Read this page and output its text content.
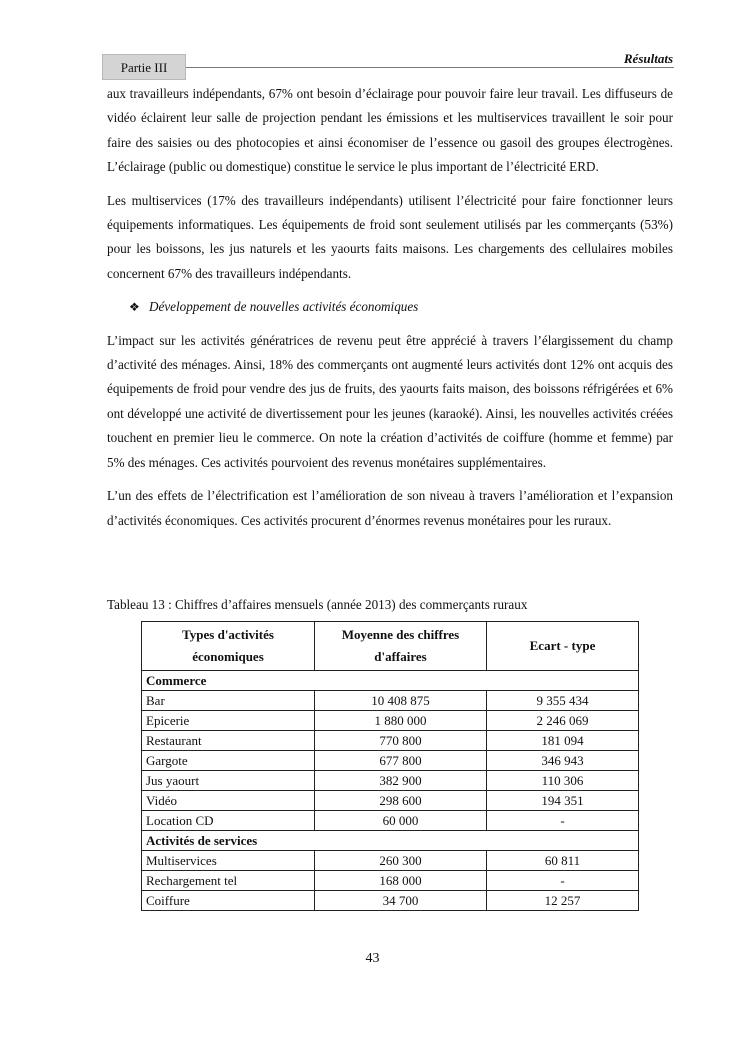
Partie III
Résultats

aux travailleurs indépendants, 67% ont besoin d’éclairage pour pouvoir faire leur travail. Les diffuseurs de vidéo éclairent leur salle de projection pendant les émissions et les multiservices travaillent le soir pour faire des saisies ou des photocopies et ainsi économiser de l’essence ou gasoil des groupes électrogènes. L’éclairage (public ou domestique) constitue le service le plus important de l’électricité ERD.

Les multiservices (17% des travailleurs indépendants) utilisent l’électricité pour faire fonctionner leurs équipements informatiques. Les équipements de froid sont seulement utilisés par les commerçants (53%) pour les boissons, les jus naturels et les yaourts faits maisons. Les chargements des cellulaires mobiles concernent 67% des travailleurs indépendants.

❖ Développement de nouvelles activités économiques

L’impact sur les activités génératrices de revenu peut être apprécié à travers l’élargissement du champ d’activité des ménages. Ainsi, 18% des commerçants ont augmenté leurs activités dont 12% ont acquis des équipements de froid pour vendre des jus de fruits, des yaourts faits maison, des boissons réfrigérées et 6% ont développé une activité de divertissement pour les jeunes (karaoké). Ainsi, les nouvelles activités créées touchent en premier lieu le commerce. On note la création d’activités de coiffure (homme et femme) par 5% des ménages. Ces activités pourvoient des revenus monétaires supplémentaires.

L’un des effets de l’électrification est l’amélioration de son niveau à travers l’amélioration et l’expansion d’activités économiques. Ces activités procurent d’énormes revenus monétaires pour les ruraux.

Tableau 13 : Chiffres d’affaires mensuels (année 2013) des commerçants ruraux
Types d'activités économiques	Moyenne des chiffres d'affaires	Ecart - type
Commerce		
Bar	10 408 875	9 355 434
Epicerie	1 880 000	2 246 069
Restaurant	770 800	181 094
Gargote	677 800	346 943
Jus yaourt	382 900	110 306
Vidéo	298 600	194 351
Location CD	60 000	-
Activités de services		
Multiservices	260 300	60 811
Rechargement tel	168 000	-
Coiffure	34 700	12 257
43
